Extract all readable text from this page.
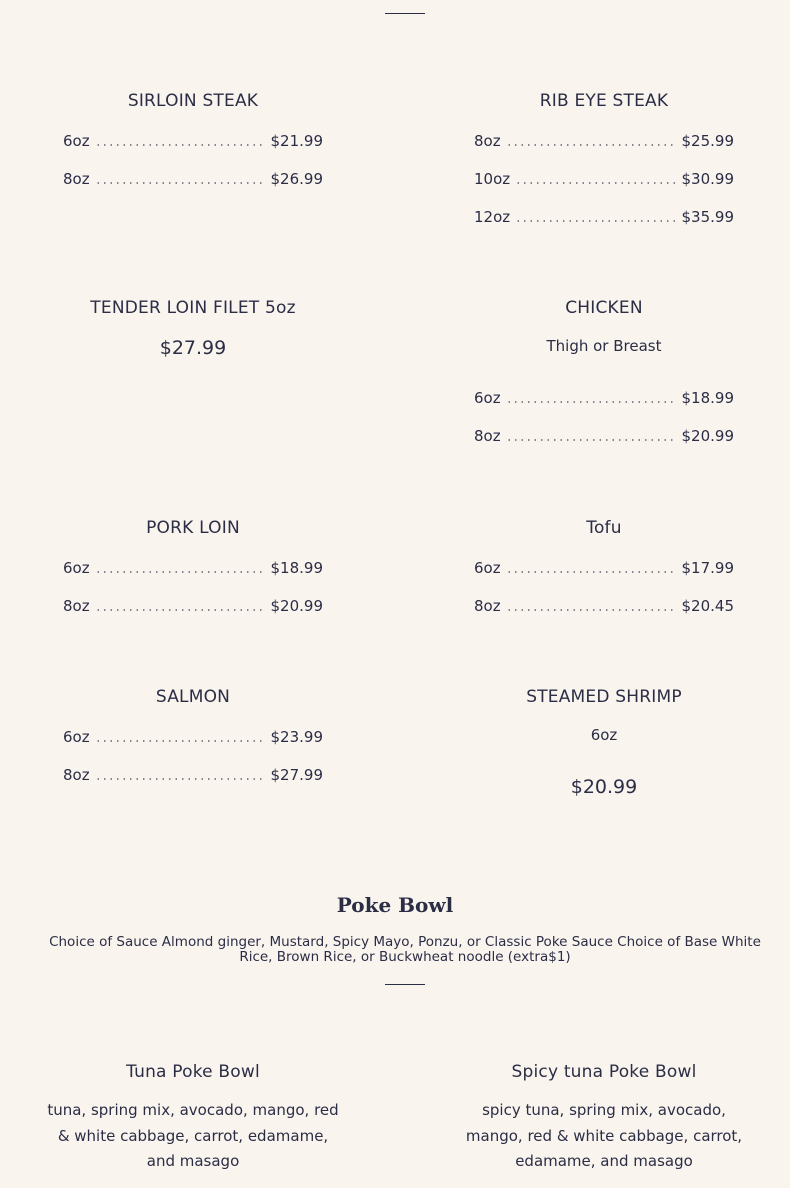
SIRLOIN STEAK
6oz	$21.99
8oz	$26.99
RIB EYE STEAK
8oz	$25.99
10oz	$30.99
12oz	$35.99
TENDER LOIN FILET 5oz
$27.99
CHICKEN
Thigh or Breast
6oz	$18.99
8oz	$20.99
PORK LOIN
6oz	$18.99
8oz	$20.99
Tofu
6oz	$17.99
8oz	$20.45
SALMON
6oz	$23.99
8oz	$27.99
STEAMED SHRIMP
6oz
$20.99
Poke Bowl
Choice of Sauce Almond ginger, Mustard, Spicy Mayo, Ponzu, or Classic Poke Sauce Choice of Base White Rice, Brown Rice, or Buckwheat noodle (extra$1)
Tuna Poke Bowl
tuna, spring mix, avocado, mango, red & white cabbage, carrot, edamame, and masago
Spicy tuna Poke Bowl
spicy tuna, spring mix, avocado, mango, red & white cabbage, carrot, edamame, and masago
